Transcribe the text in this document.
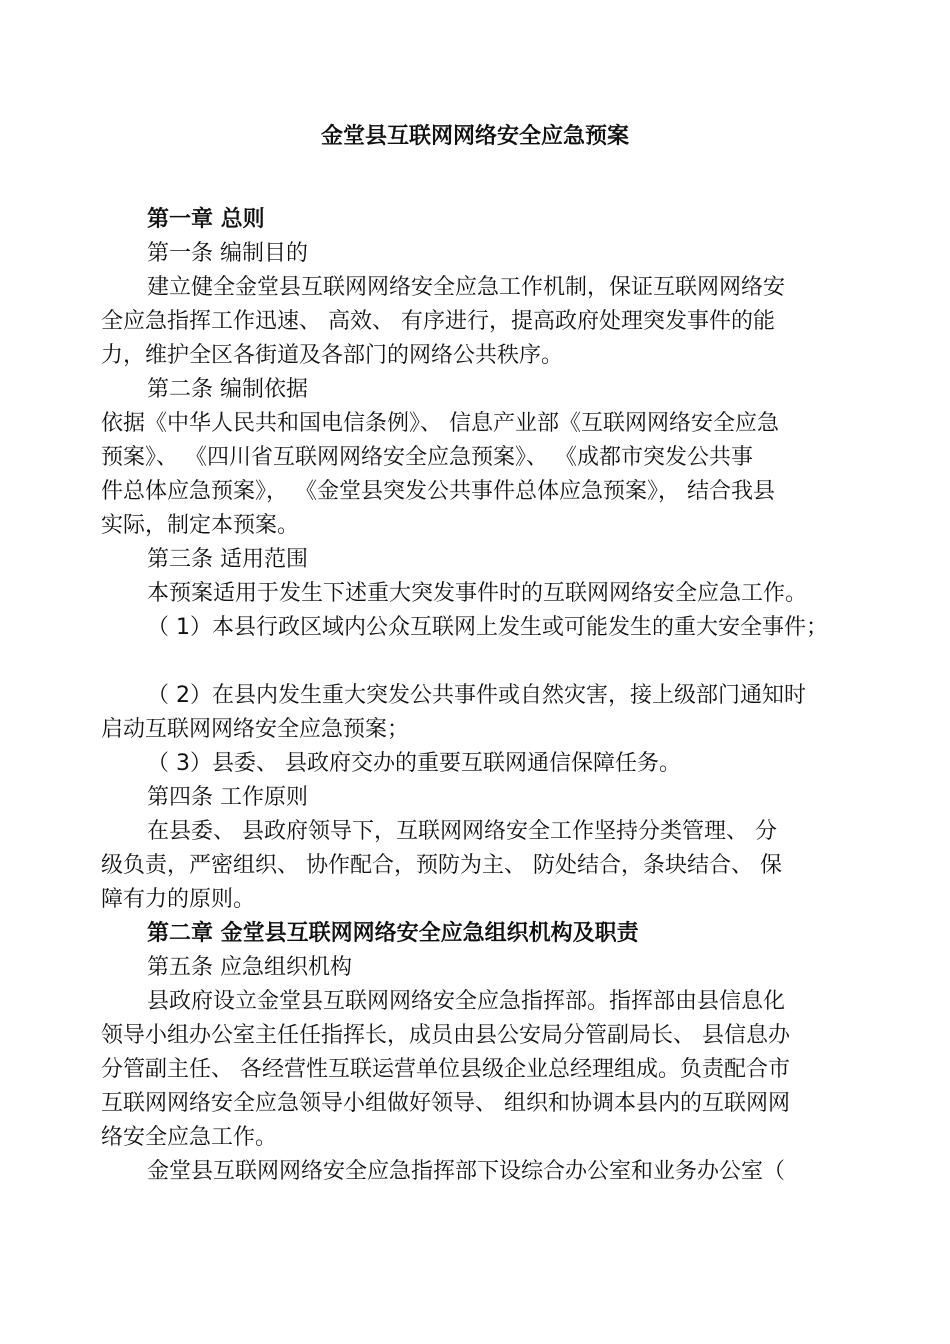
金堂县互联网网络安全应急预案
第一章 总则
第一条 编制目的
建立健全金堂县互联网网络安全应急工作机制，保证互联网网络安
全应急指挥工作迅速、 高效、 有序进行，提高政府处理突发事件的能
力，维护全区各街道及各部门的网络公共秩序。
第二条 编制依据
依据《中华人民共和国电信条例》、 信息产业部《互联网网络安全应急
预案》、 《四川省互联网网络安全应急预案》、 《成都市突发公共事
件总体应急预案》， 《金堂县突发公共事件总体应急预案》， 结合我县
实际，制定本预案。
第三条 适用范围
本预案适用于发生下述重大突发事件时的互联网网络安全应急工作。
（ 1）本县行政区域内公众互联网上发生或可能发生的重大安全事件；
（ 2）在县内发生重大突发公共事件或自然灾害，接上级部门通知时
启动互联网网络安全应急预案；
（ 3）县委、 县政府交办的重要互联网通信保障任务。
第四条 工作原则
在县委、 县政府领导下，互联网网络安全工作坚持分类管理、 分
级负责，严密组织、 协作配合，预防为主、 防处结合，条块结合、 保
障有力的原则。
第二章 金堂县互联网网络安全应急组织机构及职责
第五条 应急组织机构
县政府设立金堂县互联网网络安全应急指挥部。指挥部由县信息化
领导小组办公室主任任指挥长，成员由县公安局分管副局长、 县信息办
分管副主任、 各经营性互联运营单位县级企业总经理组成。负责配合市
互联网网络安全应急领导小组做好领导、 组织和协调本县内的互联网网
络安全应急工作。
金堂县互联网网络安全应急指挥部下设综合办公室和业务办公室（
